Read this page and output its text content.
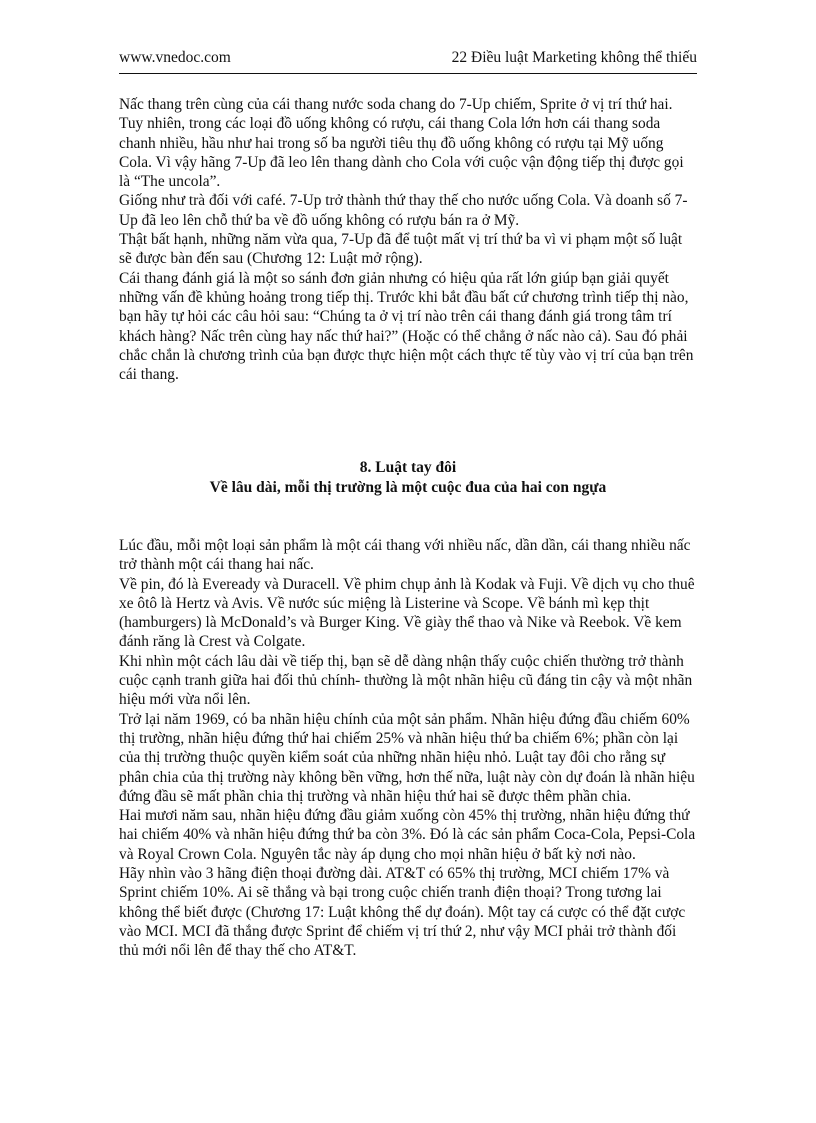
www.vnedoc.com	22 Điều luật Marketing không thể thiếu

Nấc thang trên cùng của cái thang nước soda chang do 7-Up chiếm, Sprite ở vị trí thứ hai. Tuy nhiên, trong các loại đồ uống không có rượu, cái thang Cola lớn hơn cái thang soda chanh nhiều, hầu như hai trong số ba người tiêu thụ đồ uống không có rượu tại Mỹ uống Cola. Vì vậy hãng 7-Up đã leo lên thang dành cho Cola với cuộc vận động tiếp thị được gọi là “The uncola”.

Giống như trà đối với café. 7-Up trở thành thứ thay thế cho nước uống Cola. Và doanh số 7-Up đã leo lên chỗ thứ ba về đồ uống không có rượu bán ra ở Mỹ.

Thật bất hạnh, những năm vừa qua, 7-Up đã để tuột mất vị trí thứ ba vì vi phạm một số luật sẽ được bàn đến sau (Chương 12: Luật mở rộng).

Cái thang đánh giá là một so sánh đơn giản nhưng có hiệu qủa rất lớn giúp bạn giải quyết những vấn đề khủng hoảng trong tiếp thị. Trước khi bắt đầu bất cứ chương trình tiếp thị nào, bạn hãy tự hỏi các câu hỏi sau: “Chúng ta ở vị trí nào trên cái thang đánh giá trong tâm trí khách hàng? Nấc trên cùng hay nấc thứ hai?” (Hoặc có thể chẳng ở nấc nào cả). Sau đó phải chắc chắn là chương trình của bạn được thực hiện một cách thực tế tùy vào vị trí của bạn trên cái thang.

8. Luật tay đôi
Về lâu dài, mỗi thị trường là một cuộc đua của hai con ngựa

Lúc đầu, mỗi một loại sản phẩm là một cái thang với nhiều nấc, dần dần, cái thang nhiều nấc trở thành một cái thang hai nấc.

Về pin, đó là Eveready và Duracell. Về phim chụp ảnh là Kodak và Fuji. Về dịch vụ cho thuê xe ôtô là Hertz và Avis. Về nước súc miệng là Listerine và Scope. Về bánh mì kẹp thịt (hamburgers) là McDonald’s và Burger King. Về giày thể thao và Nike và Reebok. Về kem đánh răng là Crest và Colgate.

Khi nhìn một cách lâu dài về tiếp thị, bạn sẽ dễ dàng nhận thấy cuộc chiến thường trở thành cuộc cạnh tranh giữa hai đối thủ chính- thường là một nhãn hiệu cũ đáng tin cậy và một nhãn hiệu mới vừa nổi lên.

Trở lại năm 1969, có ba nhãn hiệu chính của một sản phẩm. Nhãn hiệu đứng đầu chiếm 60% thị trường, nhãn hiệu đứng thứ hai chiếm 25% và nhãn hiệu thứ ba chiếm 6%; phần còn lại của thị trường thuộc quyền kiểm soát của những nhãn hiệu nhỏ. Luật tay đôi cho rằng sự phân chia của thị trường này không bền vững, hơn thế nữa, luật này còn dự đoán là nhãn hiệu đứng đầu sẽ mất phần chia thị trường và nhãn hiệu thứ hai sẽ được thêm phần chia.

Hai mươi năm sau, nhãn hiệu đứng đầu giảm xuống còn 45% thị trường, nhãn hiệu đứng thứ hai chiếm 40% và nhãn hiệu đứng thứ ba còn 3%. Đó là các sản phẩm Coca-Cola, Pepsi-Cola và Royal Crown Cola. Nguyên tắc này áp dụng cho mọi nhãn hiệu ở bất kỳ nơi nào.

Hãy nhìn vào 3 hãng điện thoại đường dài. AT&T có 65% thị trường, MCI chiếm 17% và Sprint chiếm 10%. Ai sẽ thắng và bại trong cuộc chiến tranh điện thoại? Trong tương lai không thể biết được (Chương 17: Luật không thể dự đoán). Một tay cá cược có thể đặt cược vào MCI. MCI đã thắng được Sprint để chiếm vị trí thứ 2, như vậy MCI phải trở thành đối thủ mới nổi lên để thay thế cho AT&T.
